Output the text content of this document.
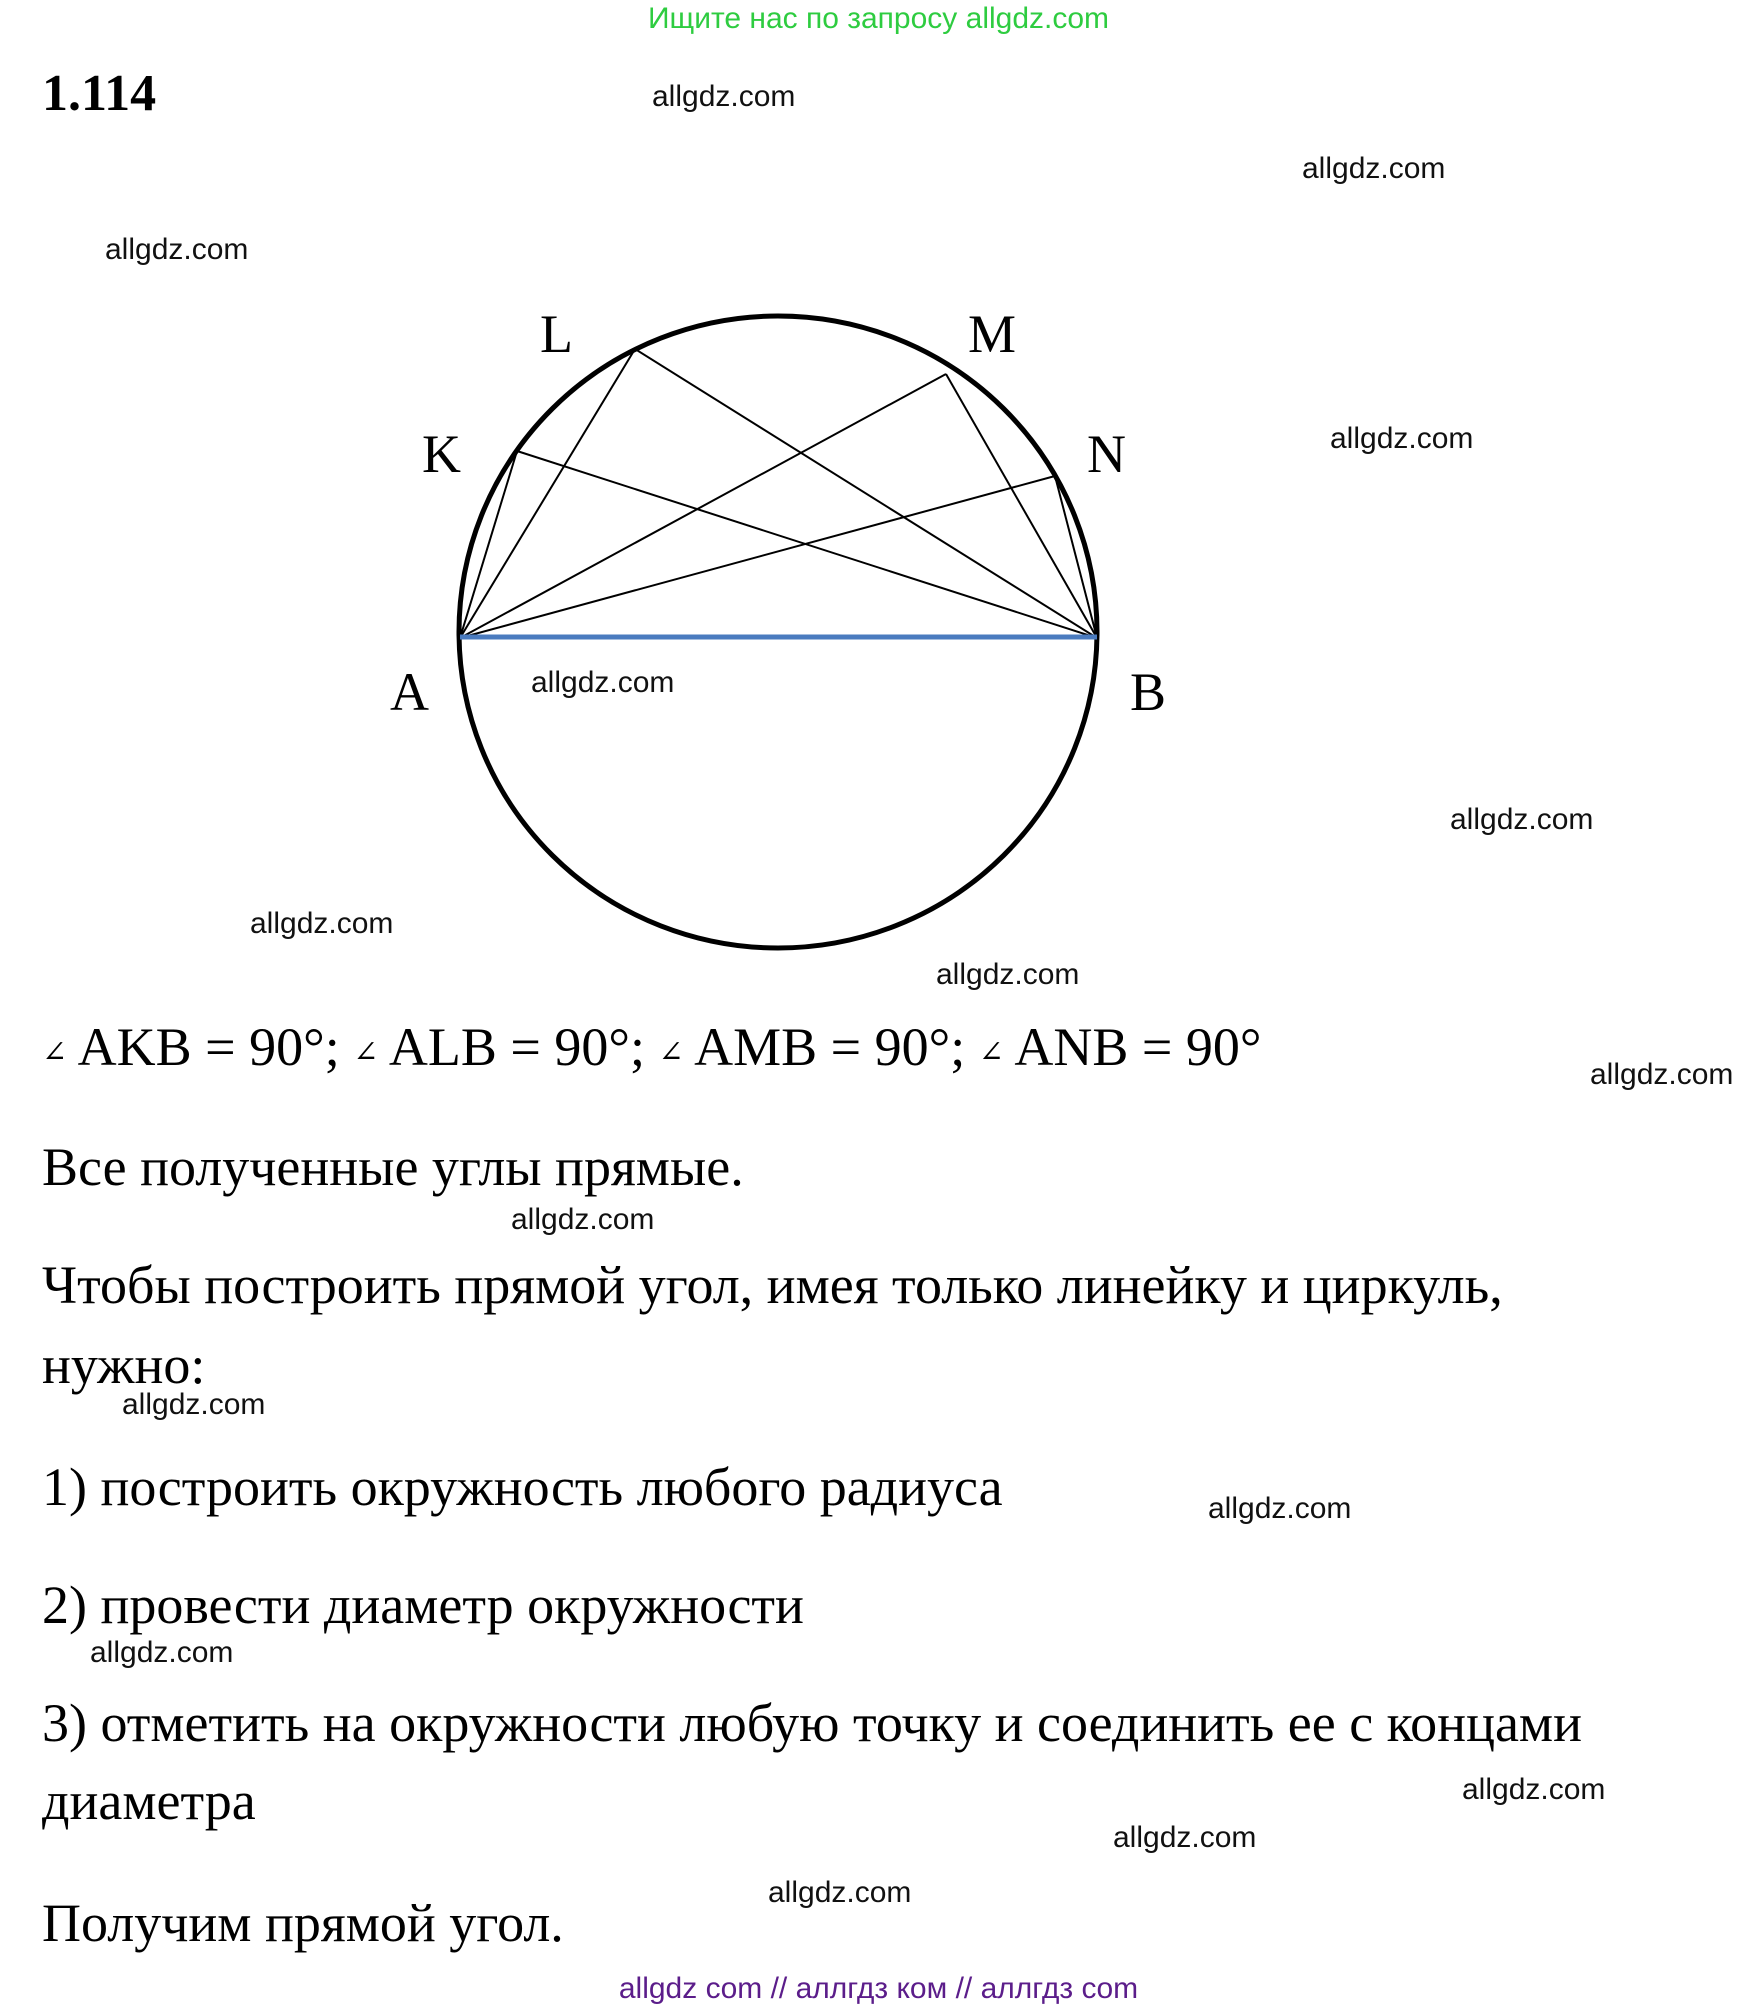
Ищите нас по запросу allgdz.com
1.114
A	B
K
L	M
N
∠ AKB = 90°; ∠ ALB = 90°; ∠ AMB = 90°; ∠ ANB = 90°
Все полученные углы прямые.
Чтобы построить прямой угол, имея только линейку и циркуль,
нужно:
1) построить окружность любого радиуса
2) провести диаметр окружности
3) отметить на окружности любую точку и соединить ее с концами
диаметра
Получим прямой угол.
allgdz.com
allgdz.com
allgdz.com
allgdz.com
allgdz.com
allgdz.com
allgdz.com
allgdz.com
allgdz.com
allgdz.com
allgdz.com
allgdz.com
allgdz.com
allgdz.com
allgdz.com
allgdz.com
allgdz com // аллгдз ком // аллгдз com
